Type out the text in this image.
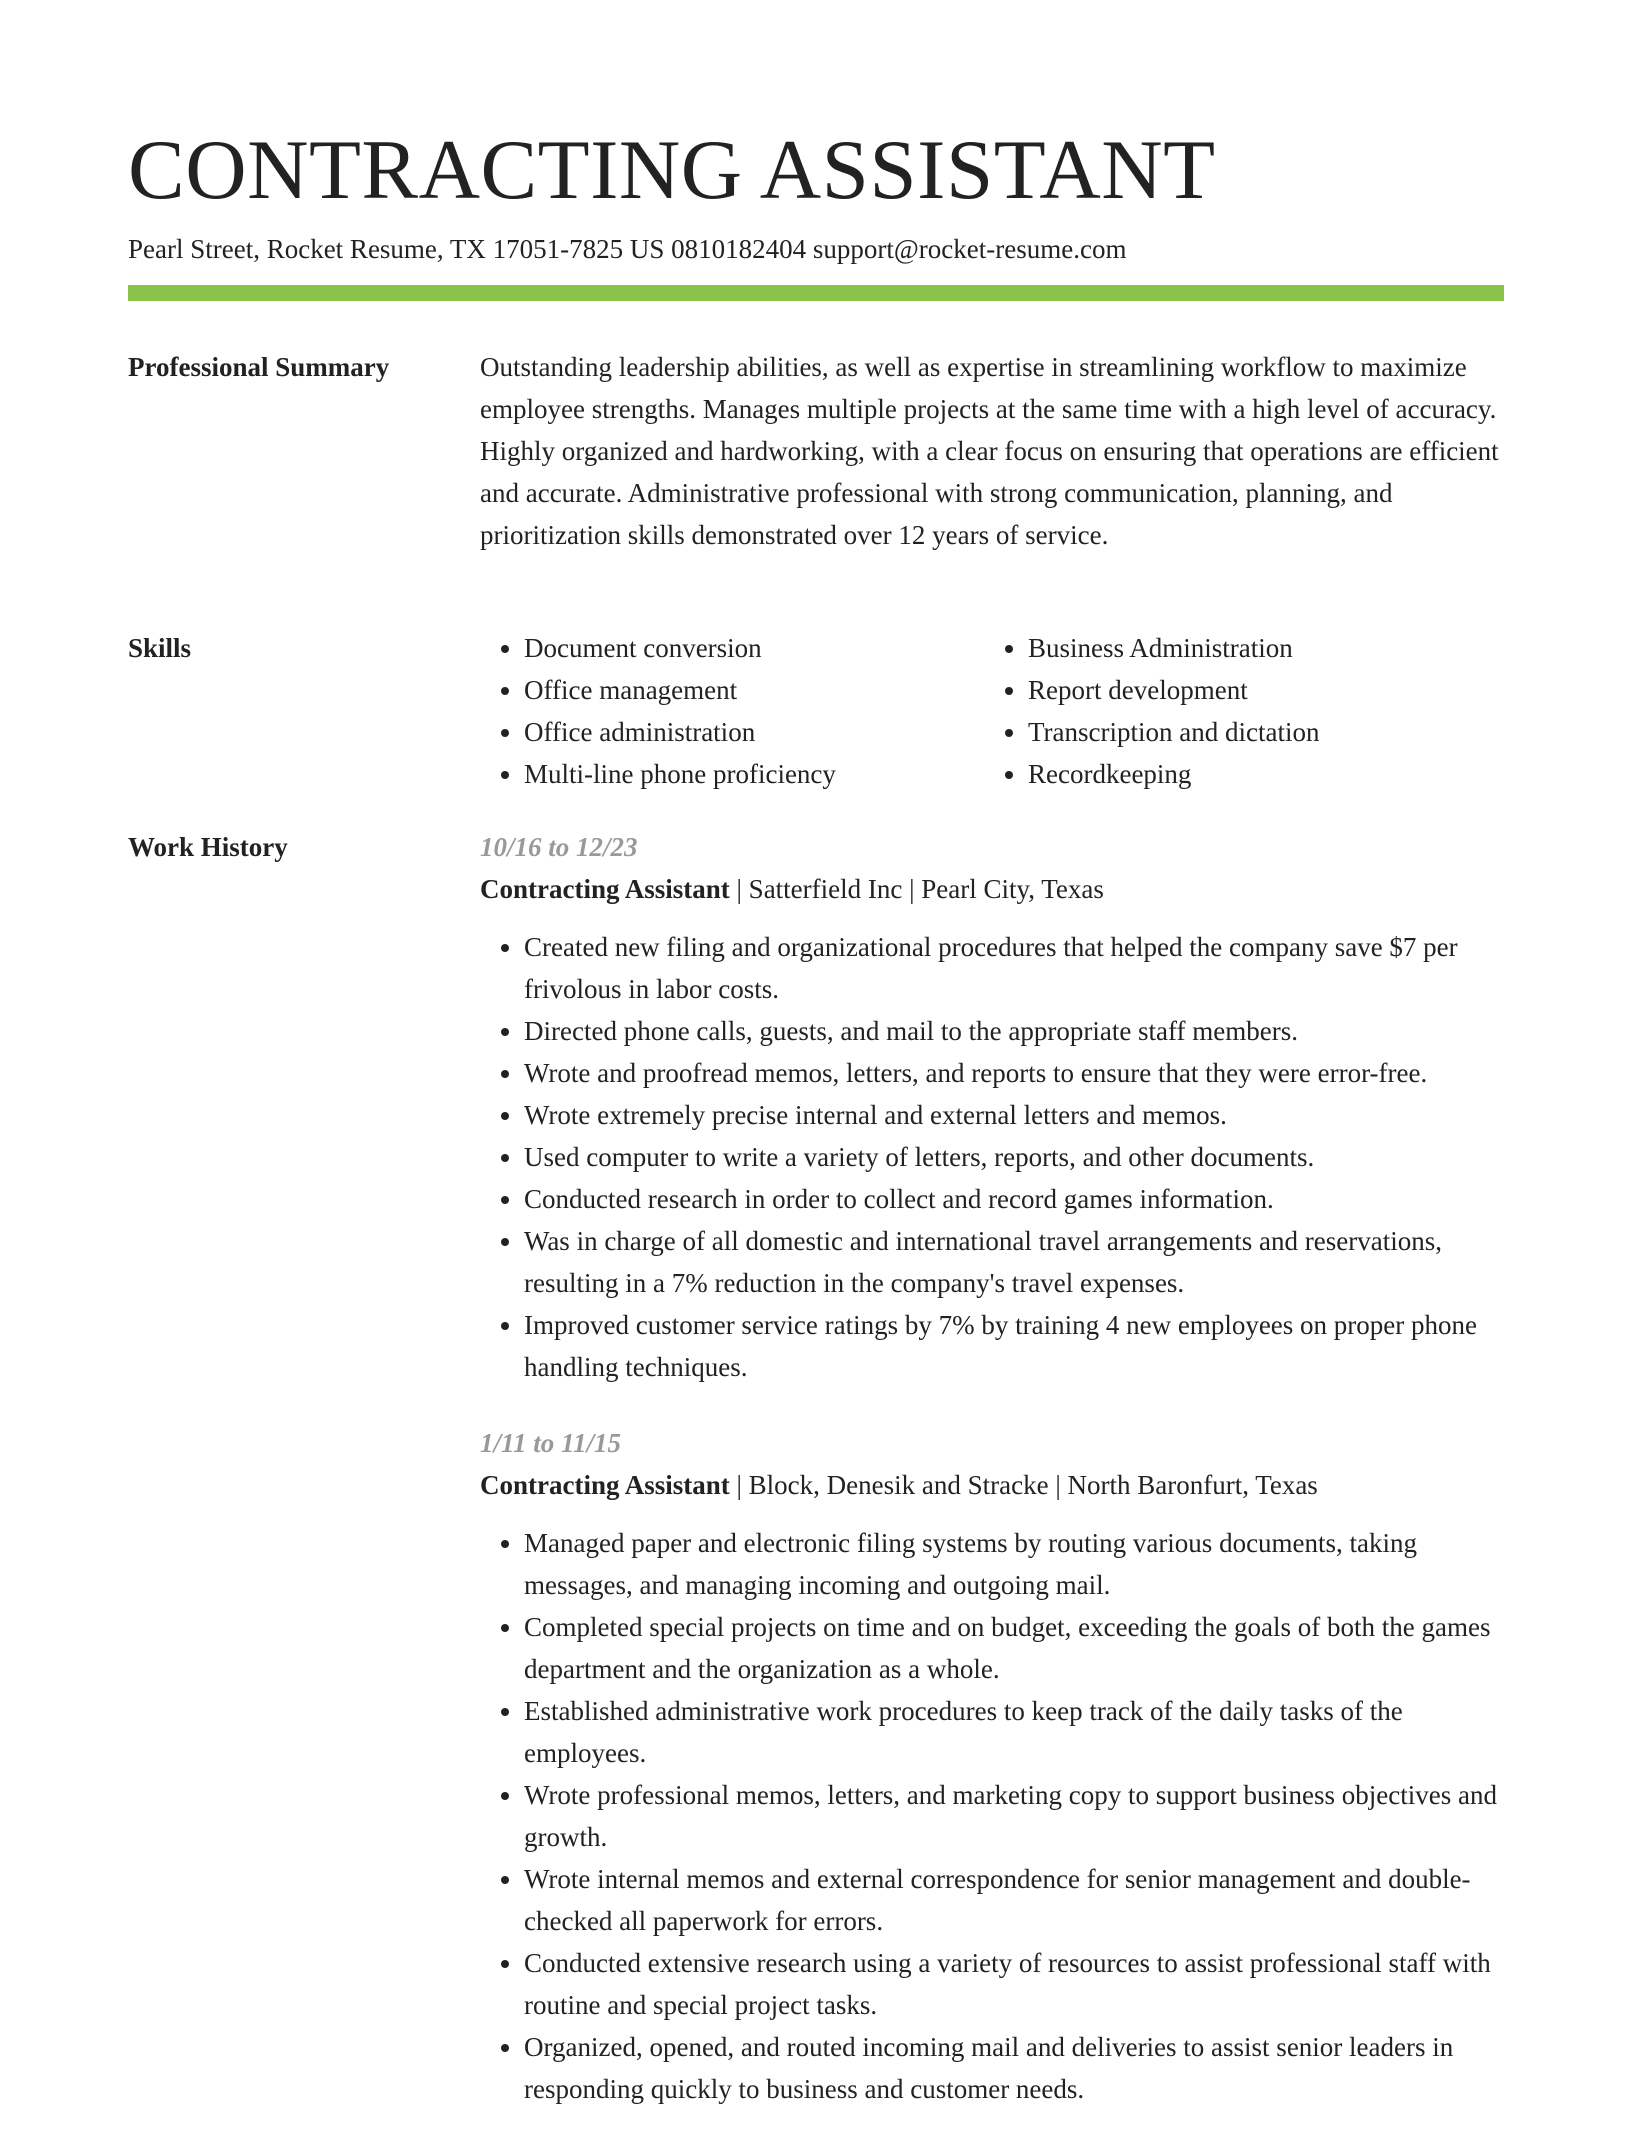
CONTRACTING ASSISTANT
Pearl Street, Rocket Resume, TX 17051-7825 US 0810182404 support@rocket-resume.com
Professional Summary	Outstanding leadership abilities, as well as expertise in streamlining workflow to maximize employee strengths. Manages multiple projects at the same time with a high level of accuracy. Highly organized and hardworking, with a clear focus on ensuring that operations are efficient and accurate. Administrative professional with strong communication, planning, and prioritization skills demonstrated over 12 years of service.

Skills
•	Document conversion
• Office management
• Office administration
• Multi-line phone proficiency
• Business Administration
• Report development
• Transcription and dictation
• Recordkeeping
Work History	10/16 to 12/23
Contracting Assistant | Satterfield Inc | Pearl City, Texas
• Created new filing and organizational procedures that helped the company save $7 per frivolous in labor costs.
• Directed phone calls, guests, and mail to the appropriate staff members.
• Wrote and proofread memos, letters, and reports to ensure that they were error-free.
• Wrote extremely precise internal and external letters and memos.
• Used computer to write a variety of letters, reports, and other documents.
• Conducted research in order to collect and record games information.
• Was in charge of all domestic and international travel arrangements and reservations, resulting in a 7% reduction in the company's travel expenses.
• Improved customer service ratings by 7% by training 4 new employees on proper phone handling techniques.
1/11 to 11/15
Contracting Assistant | Block, Denesik and Stracke | North Baronfurt, Texas
• Managed paper and electronic filing systems by routing various documents, taking messages, and managing incoming and outgoing mail.
• Completed special projects on time and on budget, exceeding the goals of both the games department and the organization as a whole.
• Established administrative work procedures to keep track of the daily tasks of the employees.
• Wrote professional memos, letters, and marketing copy to support business objectives and growth.
• Wrote internal memos and external correspondence for senior management and double-checked all paperwork for errors.
• Conducted extensive research using a variety of resources to assist professional staff with routine and special project tasks.
• Organized, opened, and routed incoming mail and deliveries to assist senior leaders in responding quickly to business and customer needs.
